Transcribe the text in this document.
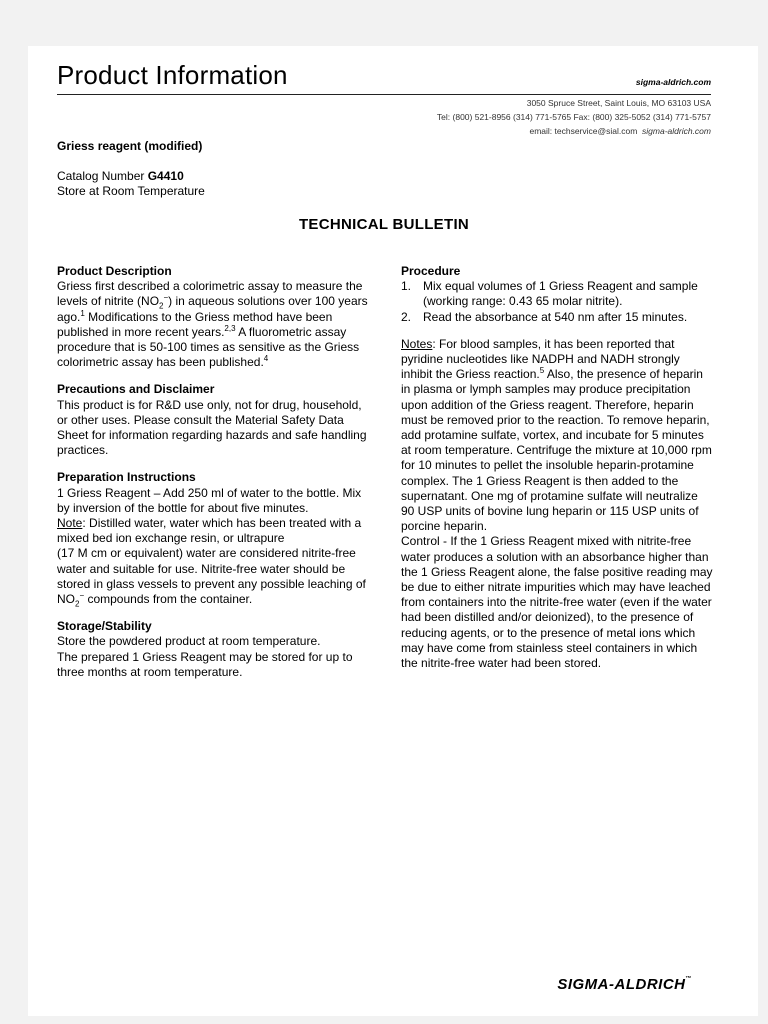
Product Information	sigma-aldrich.com
3050 Spruce Street, Saint Louis, MO 63103 USA
Tel: (800) 521-8956 (314) 771-5765 Fax: (800) 325-5052 (314) 771-5757
email: techservice@sial.com sigma-aldrich.com
Griess reagent (modified)
Catalog Number G4410
Store at Room Temperature
TECHNICAL BULLETIN
Product Description

Griess first described a colorimetric assay to measure the levels of nitrite $(NO_2^-)$ in aqueous solutions over 100 years ago.$^1$ Modifications to the Griess method have been published in more recent years.$^{2,3}$ A fluorometric assay procedure that is 50-100 times as sensitive as the Griess colorimetric assay has been published.$^4$

Precautions and Disclaimer

This product is for R&D use only, not for drug, household, or other uses. Please consult the Material Safety Data Sheet for information regarding hazards and safe handling practices.

Preparation Instructions

1 Griess Reagent – Add 250 ml of water to the bottle. Mix by inversion of the bottle for about five minutes.

Note: Distilled water, water which has been treated with a mixed bed ion exchange resin, or ultrapure

(17 M cm or equivalent) water are considered nitrite-free water and suitable for use. Nitrite-free water should be stored in glass vessels to prevent any possible leaching of $NO_2^-$ compounds from the container.

Storage/Stability

Store the powdered product at room temperature.

The prepared 1 Griess Reagent may be stored for up to three months at room temperature.

Procedure
1. Mix equal volumes of 1 Griess Reagent and sample (working range: 0.43 65 molar nitrite).
2. Read the absorbance at 540 nm after 15 minutes.

Notes: For blood samples, it has been reported that pyridine nucleotides like NADPH and NADH strongly inhibit the Griess reaction.$^5$ Also, the presence of heparin in plasma or lymph samples may produce precipitation upon addition of the Griess reagent. Therefore, heparin must be removed prior to the reaction. To remove heparin, add protamine sulfate, vortex, and incubate for 5 minutes at room temperature. Centrifuge the mixture at 10,000 rpm for 10 minutes to pellet the insoluble heparin-protamine complex. The 1 Griess Reagent is then added to the supernatant. One mg of protamine sulfate will neutralize 90 USP units of bovine lung heparin or 115 USP units of porcine heparin.

Control - If the 1 Griess Reagent mixed with nitrite-free water produces a solution with an absorbance higher than the 1 Griess Reagent alone, the false positive reading may be due to either nitrate impurities which may have leached from containers into the nitrite-free water (even if the water had been distilled and/or deionized), to the presence of reducing agents, or to the presence of metal ions which may have come from stainless steel containers in which the nitrite-free water had been stored.

SIGMA-ALDRICH™
